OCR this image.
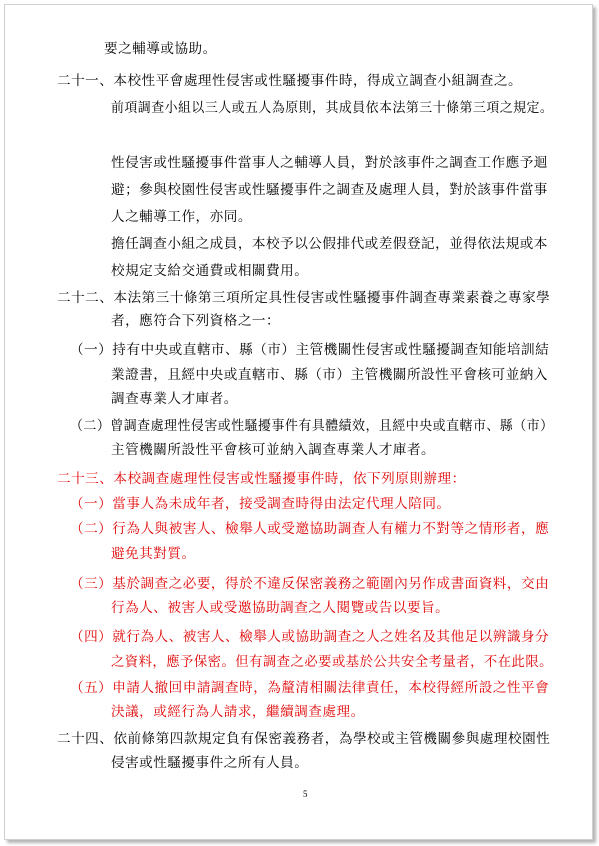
要之輔導或協助。
二十一、本校性平會處理性侵害或性騷擾事件時，得成立調查小組調查之。
前項調查小組以三人或五人為原則，其成員依本法第三十條第三項之規定。
性侵害或性騷擾事件當事人之輔導人員，對於該事件之調查工作應予迴
避；參與校園性侵害或性騷擾事件之調查及處理人員，對於該事件當事
人之輔導工作，亦同。
擔任調查小組之成員，本校予以公假排代或差假登記，並得依法規或本
校規定支給交通費或相關費用。
二十二、本法第三十條第三項所定具性侵害或性騷擾事件調查專業素養之專家學
者，應符合下列資格之一：
（一）持有中央或直轄市、縣（市）主管機關性侵害或性騷擾調查知能培訓結
業證書，且經中央或直轄市、縣（市）主管機關所設性平會核可並納入
調查專業人才庫者。
（二）曾調查處理性侵害或性騷擾事件有具體績效，且經中央或直轄市、縣（市）
主管機關所設性平會核可並納入調查專業人才庫者。
二十三、本校調查處理性侵害或性騷擾事件時，依下列原則辦理：
（一）當事人為未成年者，接受調查時得由法定代理人陪同。
（二）行為人與被害人、檢舉人或受邀協助調查人有權力不對等之情形者，應
避免其對質。
（三）基於調查之必要，得於不違反保密義務之範圍內另作成書面資料，交由
行為人、被害人或受邀協助調查之人閱覽或告以要旨。
（四）就行為人、被害人、檢舉人或協助調查之人之姓名及其他足以辨識身分
之資料，應予保密。但有調查之必要或基於公共安全考量者，不在此限。
（五）申請人撤回申請調查時，為釐清相關法律責任，本校得經所設之性平會
決議，或經行為人請求，繼續調查處理。
二十四、依前條第四款規定負有保密義務者，為學校或主管機關參與處理校園性
侵害或性騷擾事件之所有人員。
5
